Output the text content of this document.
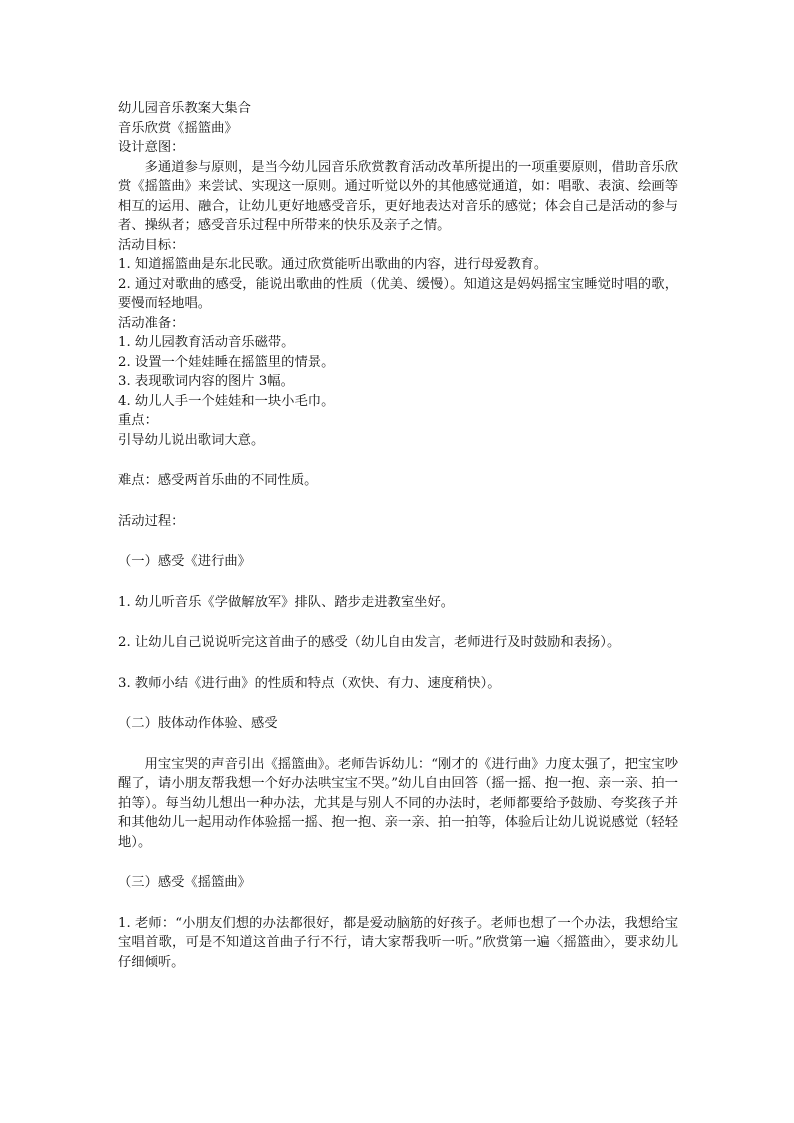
幼儿园音乐教案大集合
音乐欣赏《摇篮曲》
设计意图：
多通道参与原则，是当今幼儿园音乐欣赏教育活动改革所提出的一项重要原则，借助音乐欣赏《摇篮曲》来尝试、实现这一原则。通过听觉以外的其他感觉通道，如：唱歌、表演、绘画等相互的运用、融合，让幼儿更好地感受音乐，更好地表达对音乐的感觉；体会自己是活动的参与者、操纵者；感受音乐过程中所带来的快乐及亲子之情。
活动目标：
1. 知道摇篮曲是东北民歌。通过欣赏能听出歌曲的内容，进行母爱教育。
2. 通过对歌曲的感受，能说出歌曲的性质（优美、缓慢）。知道这是妈妈摇宝宝睡觉时唱的歌，要慢而轻地唱。
活动准备：
1. 幼儿园教育活动音乐磁带。
2. 设置一个娃娃睡在摇篮里的情景。
3. 表现歌词内容的图片 3幅。
4. 幼儿人手一个娃娃和一块小毛巾。
重点：
引导幼儿说出歌词大意。
难点：感受两首乐曲的不同性质。
活动过程：
（一）感受《进行曲》
1. 幼儿听音乐《学做解放军》排队、踏步走进教室坐好。
2. 让幼儿自己说说听完这首曲子的感受（幼儿自由发言，老师进行及时鼓励和表扬）。
3. 教师小结《进行曲》的性质和特点（欢快、有力、速度稍快）。
（二）肢体动作体验、感受
用宝宝哭的声音引出《摇篮曲》。老师告诉幼儿：“刚才的《进行曲》力度太强了，把宝宝吵醒了，请小朋友帮我想一个好办法哄宝宝不哭。”幼儿自由回答（摇一摇、抱一抱、亲一亲、拍一拍等）。每当幼儿想出一种办法，尤其是与别人不同的办法时，老师都要给予鼓励、夸奖孩子并和其他幼儿一起用动作体验摇一摇、抱一抱、亲一亲、拍一拍等，体验后让幼儿说说感觉（轻轻地）。
（三）感受《摇篮曲》
1. 老师：“小朋友们想的办法都很好，都是爱动脑筋的好孩子。老师也想了一个办法，我想给宝宝唱首歌，可是不知道这首曲子行不行，请大家帮我听一听。”欣赏第一遍〈摇篮曲〉，要求幼儿仔细倾听。
